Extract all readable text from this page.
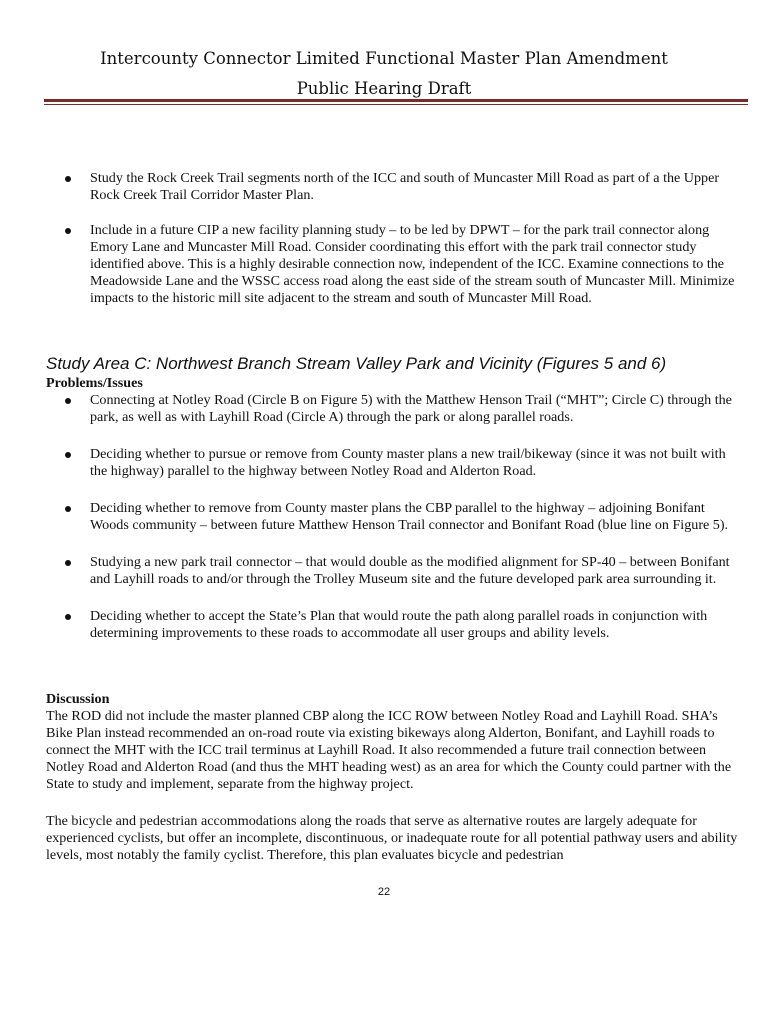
Intercounty Connector Limited Functional Master Plan Amendment
Public Hearing Draft
Study the Rock Creek Trail segments north of the ICC and south of Muncaster Mill Road as part of a the Upper Rock Creek Trail Corridor Master Plan.
Include in a future CIP a new facility planning study – to be led by DPWT – for the park trail connector along Emory Lane and Muncaster Mill Road. Consider coordinating this effort with the park trail connector study identified above. This is a highly desirable connection now, independent of the ICC. Examine connections to the Meadowside Lane and the WSSC access road along the east side of the stream south of Muncaster Mill. Minimize impacts to the historic mill site adjacent to the stream and south of Muncaster Mill Road.
Study Area C: Northwest Branch Stream Valley Park and Vicinity (Figures 5 and 6)
Problems/Issues
Connecting at Notley Road (Circle B on Figure 5) with the Matthew Henson Trail (“MHT”; Circle C) through the park, as well as with Layhill Road (Circle A) through the park or along parallel roads.
Deciding whether to pursue or remove from County master plans a new trail/bikeway (since it was not built with the highway) parallel to the highway between Notley Road and Alderton Road.
Deciding whether to remove from County master plans the CBP parallel to the highway – adjoining Bonifant Woods community – between future Matthew Henson Trail connector and Bonifant Road (blue line on Figure 5).
Studying a new park trail connector – that would double as the modified alignment for SP-40 – between Bonifant and Layhill roads to and/or through the Trolley Museum site and the future developed park area surrounding it.
Deciding whether to accept the State’s Plan that would route the path along parallel roads in conjunction with determining improvements to these roads to accommodate all user groups and ability levels.
Discussion

The ROD did not include the master planned CBP along the ICC ROW between Notley Road and Layhill Road. SHA’s Bike Plan instead recommended an on-road route via existing bikeways along Alderton, Bonifant, and Layhill roads to connect the MHT with the ICC trail terminus at Layhill Road. It also recommended a future trail connection between Notley Road and Alderton Road (and thus the MHT heading west) as an area for which the County could partner with the State to study and implement, separate from the highway project.

The bicycle and pedestrian accommodations along the roads that serve as alternative routes are largely adequate for experienced cyclists, but offer an incomplete, discontinuous, or inadequate route for all potential pathway users and ability levels, most notably the family cyclist. Therefore, this plan evaluates bicycle and pedestrian

22
